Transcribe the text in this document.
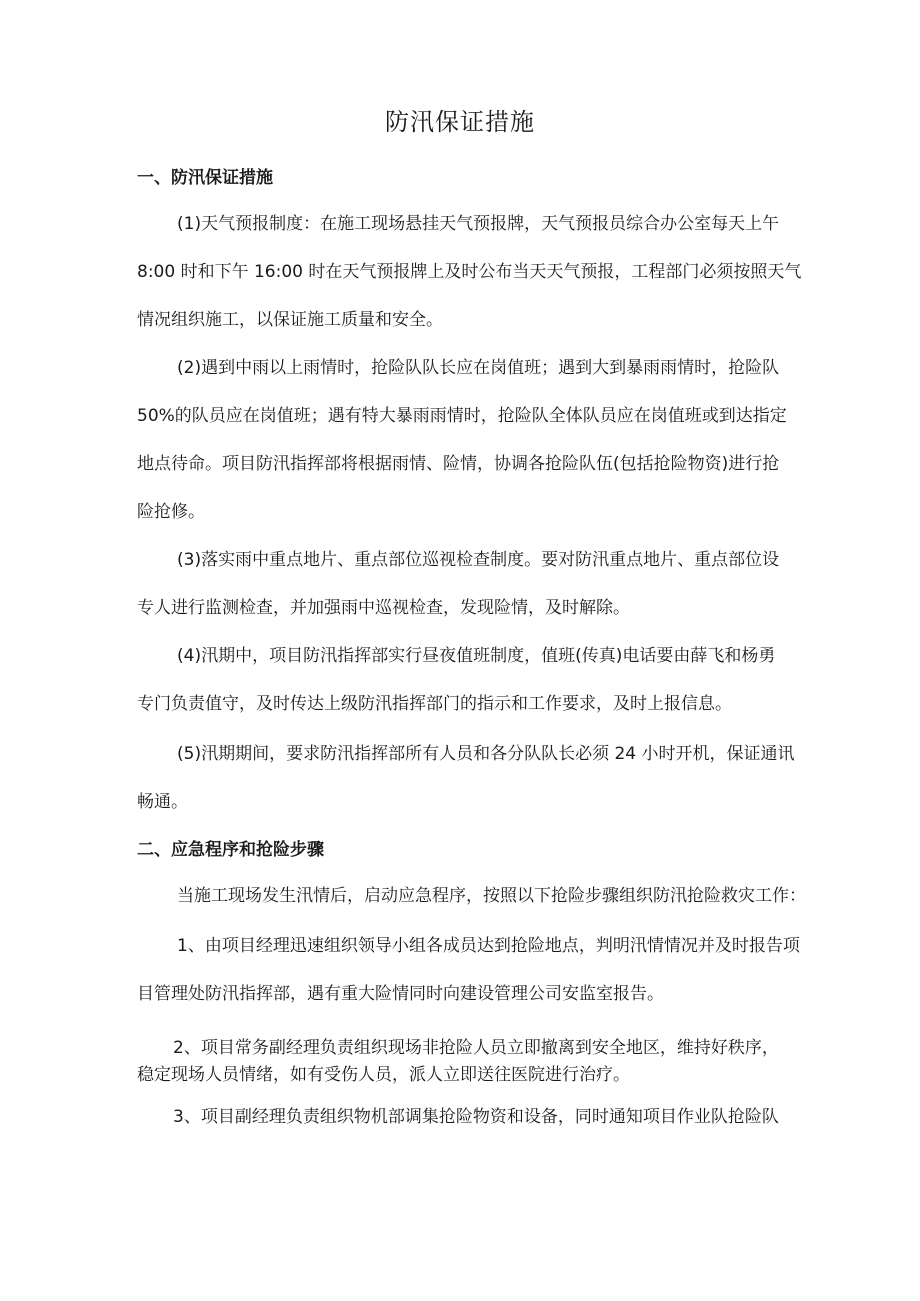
防汛保证措施
一、防汛保证措施
(1)天气预报制度：在施工现场悬挂天气预报牌，天气预报员综合办公室每天上午
8:00 时和下午 16:00 时在天气预报牌上及时公布当天天气预报，工程部门必须按照天气
情况组织施工，以保证施工质量和安全。
(2)遇到中雨以上雨情时，抢险队队长应在岗值班；遇到大到暴雨雨情时，抢险队
50%的队员应在岗值班；遇有特大暴雨雨情时，抢险队全体队员应在岗值班或到达指定
地点待命。项目防汛指挥部将根据雨情、险情，协调各抢险队伍(包括抢险物资)进行抢
险抢修。
(3)落实雨中重点地片、重点部位巡视检查制度。要对防汛重点地片、重点部位设
专人进行监测检查，并加强雨中巡视检查，发现险情，及时解除。
(4)汛期中，项目防汛指挥部实行昼夜值班制度，值班(传真)电话要由薛飞和杨勇
专门负责值守，及时传达上级防汛指挥部门的指示和工作要求，及时上报信息。
(5)汛期期间，要求防汛指挥部所有人员和各分队队长必须 24 小时开机，保证通讯
畅通。
二、应急程序和抢险步骤
当施工现场发生汛情后，启动应急程序，按照以下抢险步骤组织防汛抢险救灾工作：
1、由项目经理迅速组织领导小组各成员达到抢险地点，判明汛情情况并及时报告项
目管理处防汛指挥部，遇有重大险情同时向建设管理公司安监室报告。
2、项目常务副经理负责组织现场非抢险人员立即撤离到安全地区，维持好秩序，
稳定现场人员情绪，如有受伤人员，派人立即送往医院进行治疗。
3、项目副经理负责组织物机部调集抢险物资和设备，同时通知项目作业队抢险队
